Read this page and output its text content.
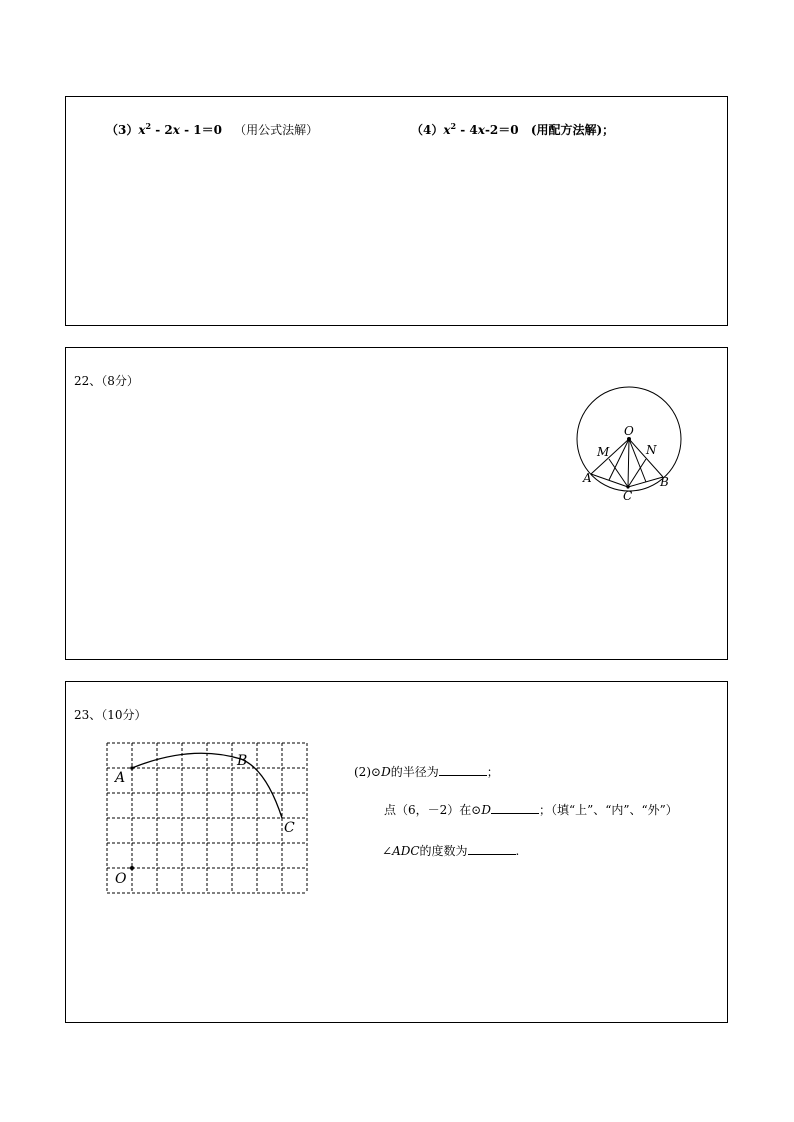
$(3)x^2 - 2x - 1=0$ （用公式法解）	$(4)x^2 - 4x-2=0$ (用配方法解)；
22、（8分）
O
M	N
A	B
C
23、（10分）
A
B
C
O
(2)⊙D的半径为	；
点（6，－2）在⊙D	；（填“上”、“内”、“外”）
∠ADC的度数为	.
